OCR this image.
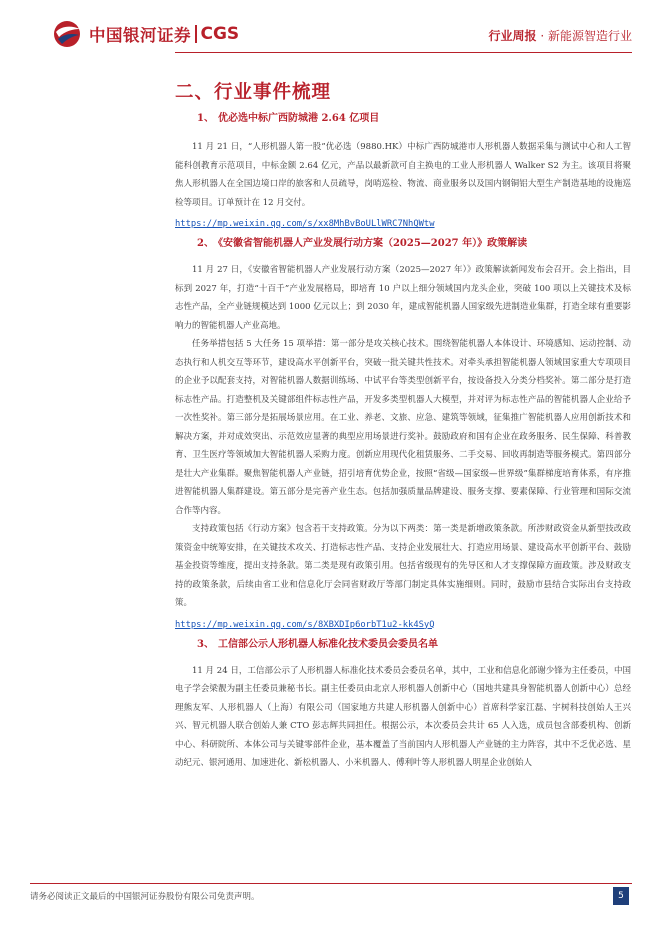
中国银河证券 CGS	行业周报 · 新能源智造行业
二、行业事件梳理
1、 优必选中标广西防城港 2.64 亿项目

11 月 21 日，“人形机器人第一股”优必选（9880.HK）中标广西防城港市人形机器人数据采集与测试中心和人工智能科创教育示范项目，中标金额 2.64 亿元，产品以最新款可自主换电的工业人形机器人 Walker S2 为主。该项目将聚焦人形机器人在全国边境口岸的旅客和人员疏导，岗哨巡检、物流、商业服务以及国内钢铜铝大型生产制造基地的设施巡检等项目。订单预计在 12 月交付。

https://mp.weixin.qq.com/s/xx8MhBvBoULlWRC7NhQWtw
2、 《安徽省智能机器人产业发展行动方案（2025—2027 年）》政策解读

11 月 27 日，《安徽省智能机器人产业发展行动方案（2025—2027 年）》政策解读新闻发布会召开。会上指出，目标到 2027 年，打造“十百千”产业发展格局，即培育 10 户以上细分领域国内龙头企业，突破 100 项以上关键技术及标志性产品，全产业链规模达到 1000 亿元以上；到 2030 年，建成智能机器人国家级先进制造业集群，打造全球有重要影响力的智能机器人产业高地。

任务举措包括 5 大任务 15 项举措：第一部分是攻关核心技术。围绕智能机器人本体设计、环境感知、运动控制、动态执行和人机交互等环节，建设高水平创新平台，突破一批关键共性技术。对牵头承担智能机器人领域国家重大专项项目的企业予以配套支持，对智能机器人数据训练场、中试平台等类型创新平台，按设备投入分类分档奖补。第二部分是打造标志性产品。打造整机及关键部组件标志性产品，开发多类型机器人大模型，并对评为标志性产品的智能机器人企业给予一次性奖补。第三部分是拓展场景应用。在工业、养老、文旅、应急、建筑等领域，征集推广智能机器人应用创新技术和解决方案，并对成效突出、示范效应显著的典型应用场景进行奖补。鼓励政府和国有企业在政务服务、民生保障、科普教育、卫生医疗等领域加大智能机器人采购力度。创新应用现代化租赁服务、二手交易、回收再制造等服务模式。第四部分是壮大产业集群。聚焦智能机器人产业链，招引培育优势企业，按照“省级—国家级—世界级”集群梯度培育体系，有序推进智能机器人集群建设。第五部分是完善产业生态。包括加强质量品牌建设、服务支撑、要素保障、行业管理和国际交流合作等内容。

支持政策包括《行动方案》包含若干支持政策。分为以下两类：第一类是新增政策条款。所涉财政资金从新型技改政策资金中统筹安排，在关键技术攻关、打造标志性产品、支持企业发展壮大、打造应用场景、建设高水平创新平台、鼓励基金投资等维度，提出支持条款。第二类是现有政策引用。包括省级现有的先导区和人才支撑保障方面政策。涉及财政支持的政策条款，后续由省工业和信息化厅会同省财政厅等部门制定具体实施细则。同时，鼓励市县结合实际出台支持政策。

https://mp.weixin.qq.com/s/8XBXDIp6orbT1u2-kk4SyQ
3、 工信部公示人形机器人标准化技术委员会委员名单

11 月 24 日，工信部公示了人形机器人标准化技术委员会委员名单，其中，工业和信息化部谢少锋为主任委员，中国电子学会梁靓为副主任委员兼秘书长。副主任委员由北京人形机器人创新中心（国地共建具身智能机器人创新中心）总经理熊友军、人形机器人（上海）有限公司（国家地方共建人形机器人创新中心）首席科学家江磊、宇树科技创始人王兴兴、智元机器人联合创始人兼 CTO 彭志辉共同担任。根据公示，本次委员会共计 65 人入选，成员包含部委机构、创新中心、科研院所、本体公司与关键零部件企业，基本覆盖了当前国内人形机器人产业链的主力阵容，其中不乏优必选、星动纪元、银河通用、加速进化、新松机器人、小米机器人、傅利叶等人形机器人明星企业创始人

请务必阅读正文最后的中国银河证券股份有限公司免责声明。	5
